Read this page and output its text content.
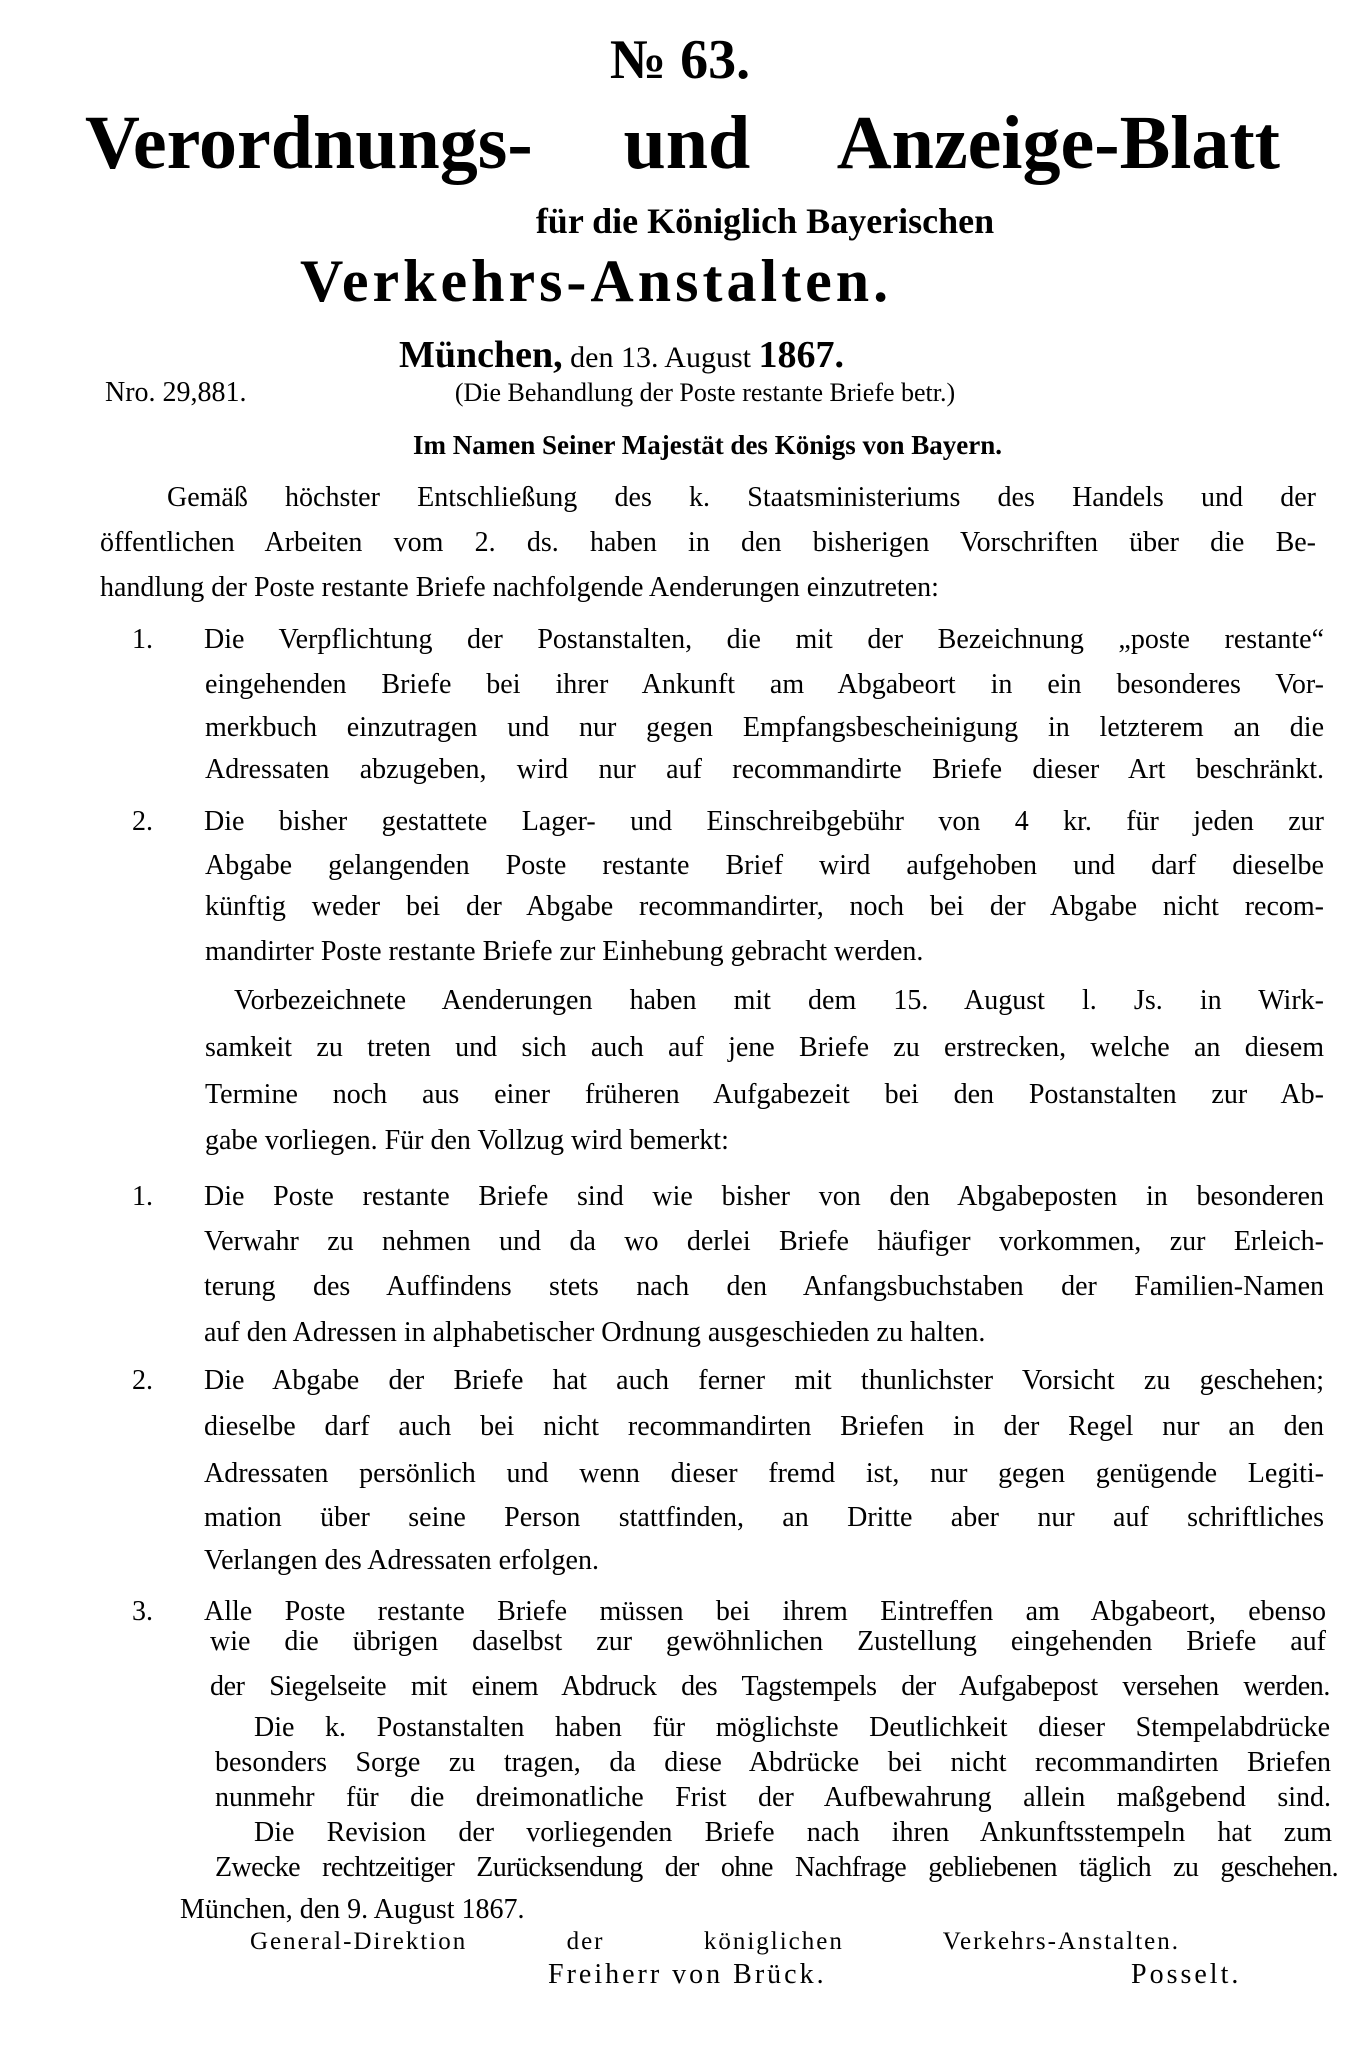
№ 63.
Verordnungs- und Anzeige-Blatt
für die Königlich Bayerischen
Verkehrs-Anstalten.
München, den 13. August 1867.
Nro. 29,881.	(Die Behandlung der Poste restante Briefe betr.)
Im Namen Seiner Majestät des Königs von Bayern.
Gemäß höchster Entschließung des k. Staatsministeriums des Handels und der
öffentlichen Arbeiten vom 2. ds. haben in den bisherigen Vorschriften über die Be-
handlung der Poste restante Briefe nachfolgende Aenderungen einzutreten:
1. Die Verpflichtung der Postanstalten, die mit der Bezeichnung „poste restante“
eingehenden Briefe bei ihrer Ankunft am Abgabeort in ein besonderes Vor-
merkbuch einzutragen und nur gegen Empfangsbescheinigung in letzterem an die
Adressaten abzugeben, wird nur auf recommandirte Briefe dieser Art beschränkt.
2. Die bisher gestattete Lager- und Einschreibgebühr von 4 kr. für jeden zur
Abgabe gelangenden Poste restante Brief wird aufgehoben und darf dieselbe
künftig weder bei der Abgabe recommandirter, noch bei der Abgabe nicht recom-
mandirter Poste restante Briefe zur Einhebung gebracht werden.
Vorbezeichnete Aenderungen haben mit dem 15. August l. Js. in Wirk-
samkeit zu treten und sich auch auf jene Briefe zu erstrecken, welche an diesem
Termine noch aus einer früheren Aufgabezeit bei den Postanstalten zur Ab-
gabe vorliegen. Für den Vollzug wird bemerkt:
1. Die Poste restante Briefe sind wie bisher von den Abgabeposten in besonderen
Verwahr zu nehmen und da wo derlei Briefe häufiger vorkommen, zur Erleich-
terung des Auffindens stets nach den Anfangsbuchstaben der Familien-Namen
auf den Adressen in alphabetischer Ordnung ausgeschieden zu halten.
2. Die Abgabe der Briefe hat auch ferner mit thunlichster Vorsicht zu geschehen;
dieselbe darf auch bei nicht recommandirten Briefen in der Regel nur an den
Adressaten persönlich und wenn dieser fremd ist, nur gegen genügende Legiti-
mation über seine Person stattfinden, an Dritte aber nur auf schriftliches
Verlangen des Adressaten erfolgen.
3. Alle Poste restante Briefe müssen bei ihrem Eintreffen am Abgabeort, ebenso
wie die übrigen daselbst zur gewöhnlichen Zustellung eingehenden Briefe auf
der Siegelseite mit einem Abdruck des Tagstempels der Aufgabepost versehen werden.
Die k. Postanstalten haben für möglichste Deutlichkeit dieser Stempelabdrücke
besonders Sorge zu tragen, da diese Abdrücke bei nicht recommandirten Briefen
nunmehr für die dreimonatliche Frist der Aufbewahrung allein maßgebend sind.
Die Revision der vorliegenden Briefe nach ihren Ankunftsstempeln hat zum
Zwecke rechtzeitiger Zurücksendung der ohne Nachfrage gebliebenen täglich zu geschehen.
München, den 9. August 1867.
General-Direktion der königlichen Verkehrs-Anstalten.
Freiherr von Brück.	Posselt.
